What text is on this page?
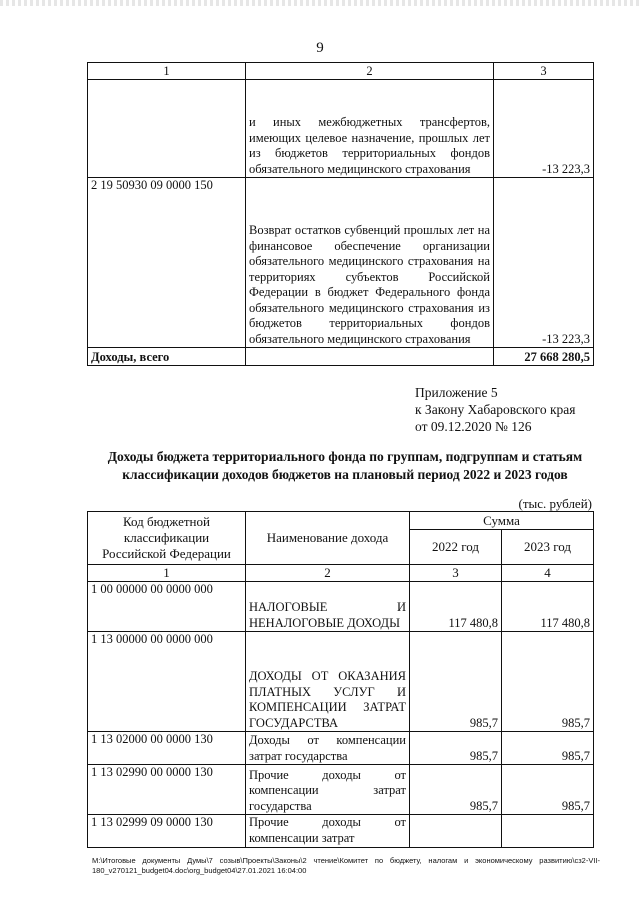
9
1	2	3
	и иных межбюджетных трансфертов, имеющих целевое назначение, прошлых лет из бюджетов территориальных фондов обязательного медицинского страхования	-13 223,3
2 19 50930 09 0000 150	Возврат остатков субвенций прошлых лет на финансовое обеспечение организации обязательного медицинского страхования на территориях субъектов Российской Федерации в бюджет Федерального фонда обязательного медицинского страхования из бюджетов территориальных фондов обязательного медицинского страхования	-13 223,3
Доходы, всего		27 668 280,5
Приложение 5
к Закону Хабаровского края
от 09.12.2020 № 126
Доходы бюджета территориального фонда по группам, подгруппам и статьям
классификации доходов бюджетов на плановый период 2022 и 2023 годов
(тыс. рублей)
Код бюджетной классификации Российской Федерации	Наименование дохода	Сумма	
		2022 год	2023 год
1	2	3	4
1 00 00000 00 0000 000	НАЛОГОВЫЕ И НЕНАЛОГОВЫЕ ДОХОДЫ	117 480,8	117 480,8
1 13 00000 00 0000 000	ДОХОДЫ ОТ ОКАЗАНИЯ ПЛАТНЫХ УСЛУГ И КОМПЕНСАЦИИ ЗАТРАТ ГОСУДАРСТВА	985,7	985,7
1 13 02000 00 0000 130	Доходы от компенсации затрат государства	985,7	985,7
1 13 02990 00 0000 130	Прочие доходы от компенсации затрат государства	985,7	985,7
1 13 02999 09 0000 130	Прочие доходы от компенсации затрат		
M:\Итоговые документы Думы\7 созыв\Проекты\Законы\2 чтение\Комитет по бюджету, налогам и экономическому развитию\сз2-VII-180_v270121_budget04.doc\org_budget04\27.01.2021 16:04:00
